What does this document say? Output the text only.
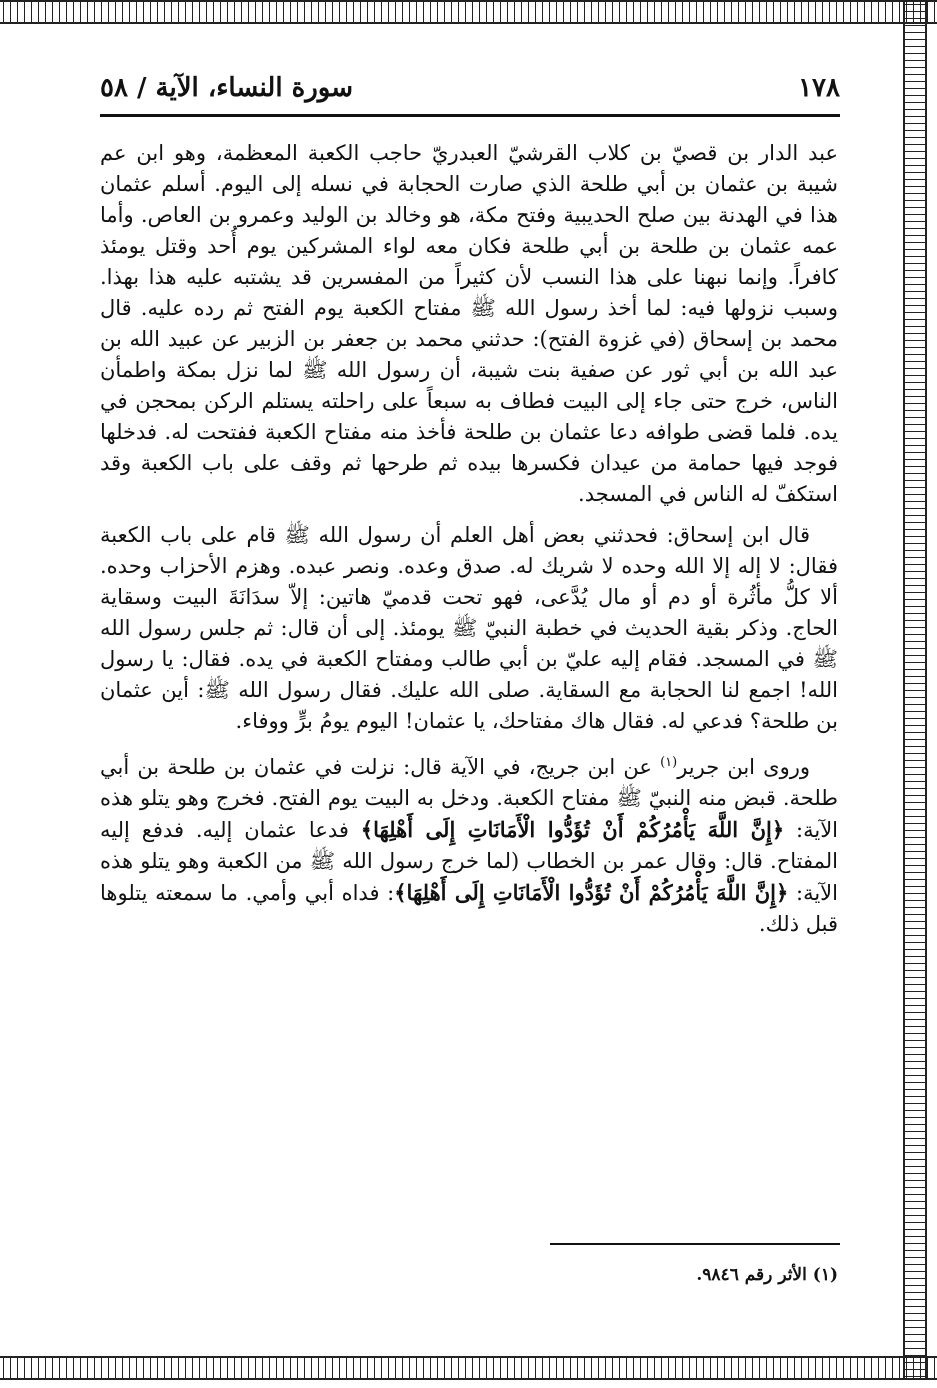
١٧٨
سورة النساء، الآية / ٥٨

عبد الدار بن قصيّ بن كلاب القرشيّ العبدريّ حاجب الكعبة المعظمة، وهو ابن عم شيبة بن عثمان بن أبي طلحة الذي صارت الحجابة في نسله إلى اليوم. أسلم عثمان هذا في الهدنة بين صلح الحديبية وفتح مكة، هو وخالد بن الوليد وعمرو بن العاص. وأما عمه عثمان بن طلحة بن أبي طلحة فكان معه لواء المشركين يوم أُحد وقتل يومئذ كافراً. وإنما نبهنا على هذا النسب لأن كثيراً من المفسرين قد يشتبه عليه هذا بهذا. وسبب نزولها فيه: لما أخذ رسول الله ﷺ مفتاح الكعبة يوم الفتح ثم رده عليه. قال محمد بن إسحاق (في غزوة الفتح): حدثني محمد بن جعفر بن الزبير عن عبيد الله بن عبد الله بن أبي ثور عن صفية بنت شيبة، أن رسول الله ﷺ لما نزل بمكة واطمأن الناس، خرج حتى جاء إلى البيت فطاف به سبعاً على راحلته يستلم الركن بمحجن في يده. فلما قضى طوافه دعا عثمان بن طلحة فأخذ منه مفتاح الكعبة ففتحت له. فدخلها فوجد فيها حمامة من عيدان فكسرها بيده ثم طرحها ثم وقف على باب الكعبة وقد استكفّ له الناس في المسجد.

قال ابن إسحاق: فحدثني بعض أهل العلم أن رسول الله ﷺ قام على باب الكعبة فقال: لا إله إلا الله وحده لا شريك له. صدق وعده. ونصر عبده. وهزم الأحزاب وحده. ألا كلُّ مأثُرة أو دم أو مال يُدَّعى، فهو تحت قدميّ هاتين: إلاّ سدَانَةَ البيت وسقاية الحاج. وذكر بقية الحديث في خطبة النبيّ ﷺ يومئذ. إلى أن قال: ثم جلس رسول الله ﷺ في المسجد. فقام إليه عليّ بن أبي طالب ومفتاح الكعبة في يده. فقال: يا رسول الله! اجمع لنا الحجابة مع السقاية. صلى الله عليك. فقال رسول الله ﷺ: أين عثمان بن طلحة؟ فدعي له. فقال هاك مفتاحك، يا عثمان! اليوم يومُ برٍّ ووفاء.

وروى ابن جرير$^{(١)}$ عن ابن جريج، في الآية قال: نزلت في عثمان بن طلحة بن أبي طلحة. قبض منه النبيّ ﷺ مفتاح الكعبة. ودخل به البيت يوم الفتح. فخرج وهو يتلو هذه الآية: ﴿إِنَّ اللَّهَ يَأْمُرُكُمْ أَنْ تُؤَدُّوا الْأَمَانَاتِ إِلَى أَهْلِهَا﴾ فدعا عثمان إليه. فدفع إليه المفتاح. قال: وقال عمر بن الخطاب (لما خرج رسول الله ﷺ من الكعبة وهو يتلو هذه الآية: ﴿إِنَّ اللَّهَ يَأْمُرُكُمْ أَنْ تُؤَدُّوا الْأَمَانَاتِ إِلَى أَهْلِهَا﴾: فداه أبي وأمي. ما سمعته يتلوها قبل ذلك.

(١) الأثر رقم ٩٨٤٦.
